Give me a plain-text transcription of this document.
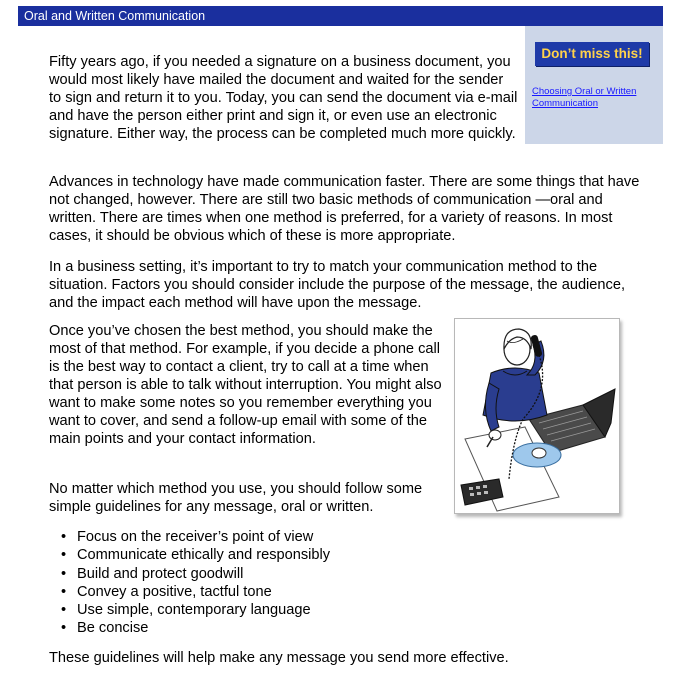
Oral and Written Communication
Don’t miss this!
Choosing Oral or Written Communication

Fifty years ago, if you needed a signature on a business document, you would most likely have mailed the document and waited for the sender to sign and return it to you. Today, you can send the document via e-mail and have the person either print and sign it, or even use an electronic signature. Either way, the process can be completed much more quickly.

Advances in technology have made communication faster. There are some things that have not changed, however. There are still two basic methods of communication —oral and written. There are times when one method is preferred, for a variety of reasons. In most cases, it should be obvious which of these is more appropriate.

In a business setting, it’s important to try to match your communication method to the situation. Factors you should consider include the purpose of the message, the audience, and the impact each method will have upon the message.

Once you’ve chosen the best method, you should make the most of that method. For example, if you decide a phone call is the best way to contact a client, try to call at a time when that person is able to talk without interruption. You might also want to make some notes so you remember everything you want to cover, and send a follow-up email with some of the main points and your contact information.

No matter which method you use, you should follow some simple guidelines for any message, oral or written.

• Focus on the receiver’s point of view
• Communicate ethically and responsibly
• Build and protect goodwill
• Convey a positive, tactful tone
• Use simple, contemporary language
• Be concise

These guidelines will help make any message you send more effective.
